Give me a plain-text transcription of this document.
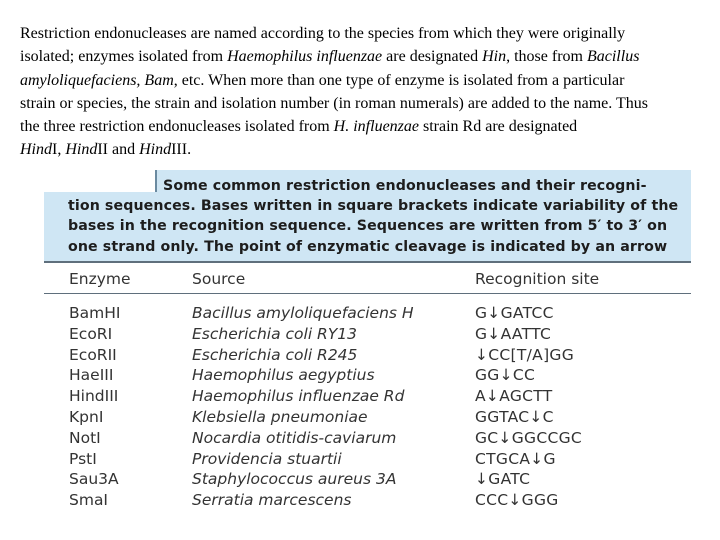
Restriction endonucleases are named according to the species from which they were originally
isolated; enzymes isolated from Haemophilus influenzae are designated Hin, those from Bacillus
amyloliquefaciens, Bam, etc. When more than one type of enzyme is isolated from a particular
strain or species, the strain and isolation number (in roman numerals) are added to the name. Thus
the three restriction endonucleases isolated from H. influenzae strain Rd are designated
HindI, HindII and HindIII.
Some common restriction endonucleases and their recogni-
tion sequences. Bases written in square brackets indicate variability of the
bases in the recognition sequence. Sequences are written from 5′ to 3′ on
one strand only. The point of enzymatic cleavage is indicated by an arrow
Enzyme	Source	Recognition site
BamHI	Bacillus amyloliquefaciens H	G↓GATCC
EcoRI	Escherichia coli RY13	G↓AATTC
EcoRII	Escherichia coli R245	↓CC[T/A]GG
HaeIII	Haemophilus aegyptius	GG↓CC
HindIII	Haemophilus influenzae Rd	A↓AGCTT
KpnI	Klebsiella pneumoniae	GGTAC↓C
NotI	Nocardia otitidis-caviarum	GC↓GGCCGC
PstI	Providencia stuartii	CTGCA↓G
Sau3A	Staphylococcus aureus 3A	↓GATC
SmaI	Serratia marcescens	CCC↓GGG
